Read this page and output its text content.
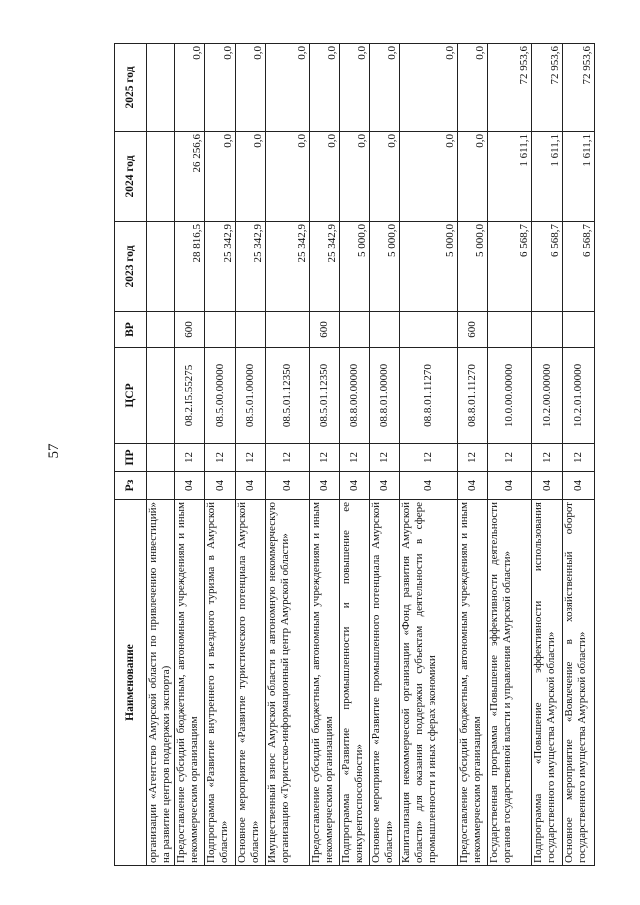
57
Наименование	Рз	ПР	ЦСР	ВР	2023 год	2024 год	2025 год
организации «Агентство Амурской области по привлечению инвестиций» на развитие центров поддержки экспорта)							
Предоставление субсидий бюджетным, автономным учреждениям и иным некоммерческим организациям	04	12	08.2.I5.55275	600	28 816,5	26 256,6	0,0
Подпрограмма «Развитие внутреннего и въездного туризма в Амурской области»	04	12	08.5.00.00000		25 342,9	0,0	0,0
Основное мероприятие «Развитие туристического потенциала Амурской области»	04	12	08.5.01.00000		25 342,9	0,0	0,0
Имущественный взнос Амурской области в автономную некоммерческую организацию «Туристско-информационный центр Амурской области»	04	12	08.5.01.12350		25 342,9	0,0	0,0
Предоставление субсидий бюджетным, автономным учреждениям и иным некоммерческим организациям	04	12	08.5.01.12350	600	25 342,9	0,0	0,0
Подпрограмма «Развитие промышленности и повышение ее конкурентоспособности»	04	12	08.8.00.00000		5 000,0	0,0	0,0
Основное мероприятие «Развитие промышленного потенциала Амурской области»	04	12	08.8.01.00000		5 000,0	0,0	0,0
Капитализация некоммерческой организации «Фонд развития Амурской области» для оказания поддержки субъектам деятельности в сфере промышленности и иных сферах экономики	04	12	08.8.01.11270		5 000,0	0,0	0,0
Предоставление субсидий бюджетным, автономным учреждениям и иным некоммерческим организациям	04	12	08.8.01.11270	600	5 000,0	0,0	0,0
Государственная программа «Повышение эффективности деятельности органов государственной власти и управления Амурской области»	04	12	10.0.00.00000		6 568,7	1 611,1	72 953,6
Подпрограмма «Повышение эффективности использования государственного имущества Амурской области»	04	12	10.2.00.00000		6 568,7	1 611,1	72 953,6
Основное мероприятие «Вовлечение в хозяйственный оборот государственного имущества Амурской области»	04	12	10.2.01.00000		6 568,7	1 611,1	72 953,6
